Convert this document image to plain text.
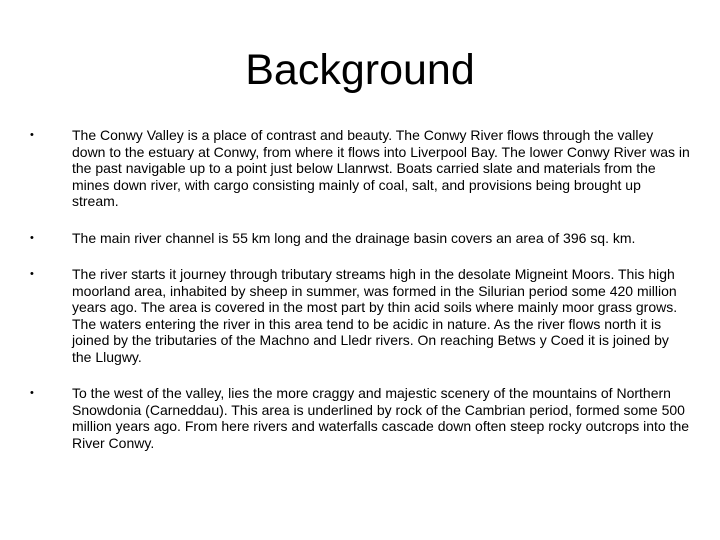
Background
•	The Conwy Valley is a place of contrast and beauty. The Conwy River flows through the valley down to the estuary at Conwy, from where it flows into Liverpool Bay. The lower Conwy River was in the past navigable up to a point just below Llanrwst. Boats carried slate and materials from the mines down river, with cargo consisting mainly of coal, salt, and provisions being brought up stream.
•	The main river channel is 55 km long and the drainage basin covers an area of 396 sq. km.
•	The river starts it journey through tributary streams high in the desolate Migneint Moors. This high moorland area, inhabited by sheep in summer, was formed in the Silurian period some 420 million years ago. The area is covered in the most part by thin acid soils where mainly moor grass grows. The waters entering the river in this area tend to be acidic in nature. As the river flows north it is joined by the tributaries of the Machno and Lledr rivers. On reaching Betws y Coed it is joined by the Llugwy.
•	To the west of the valley, lies the more craggy and majestic scenery of the mountains of Northern Snowdonia (Carneddau). This area is underlined by rock of the Cambrian period, formed some 500 million years ago. From here rivers and waterfalls cascade down often steep rocky outcrops into the River Conwy.
